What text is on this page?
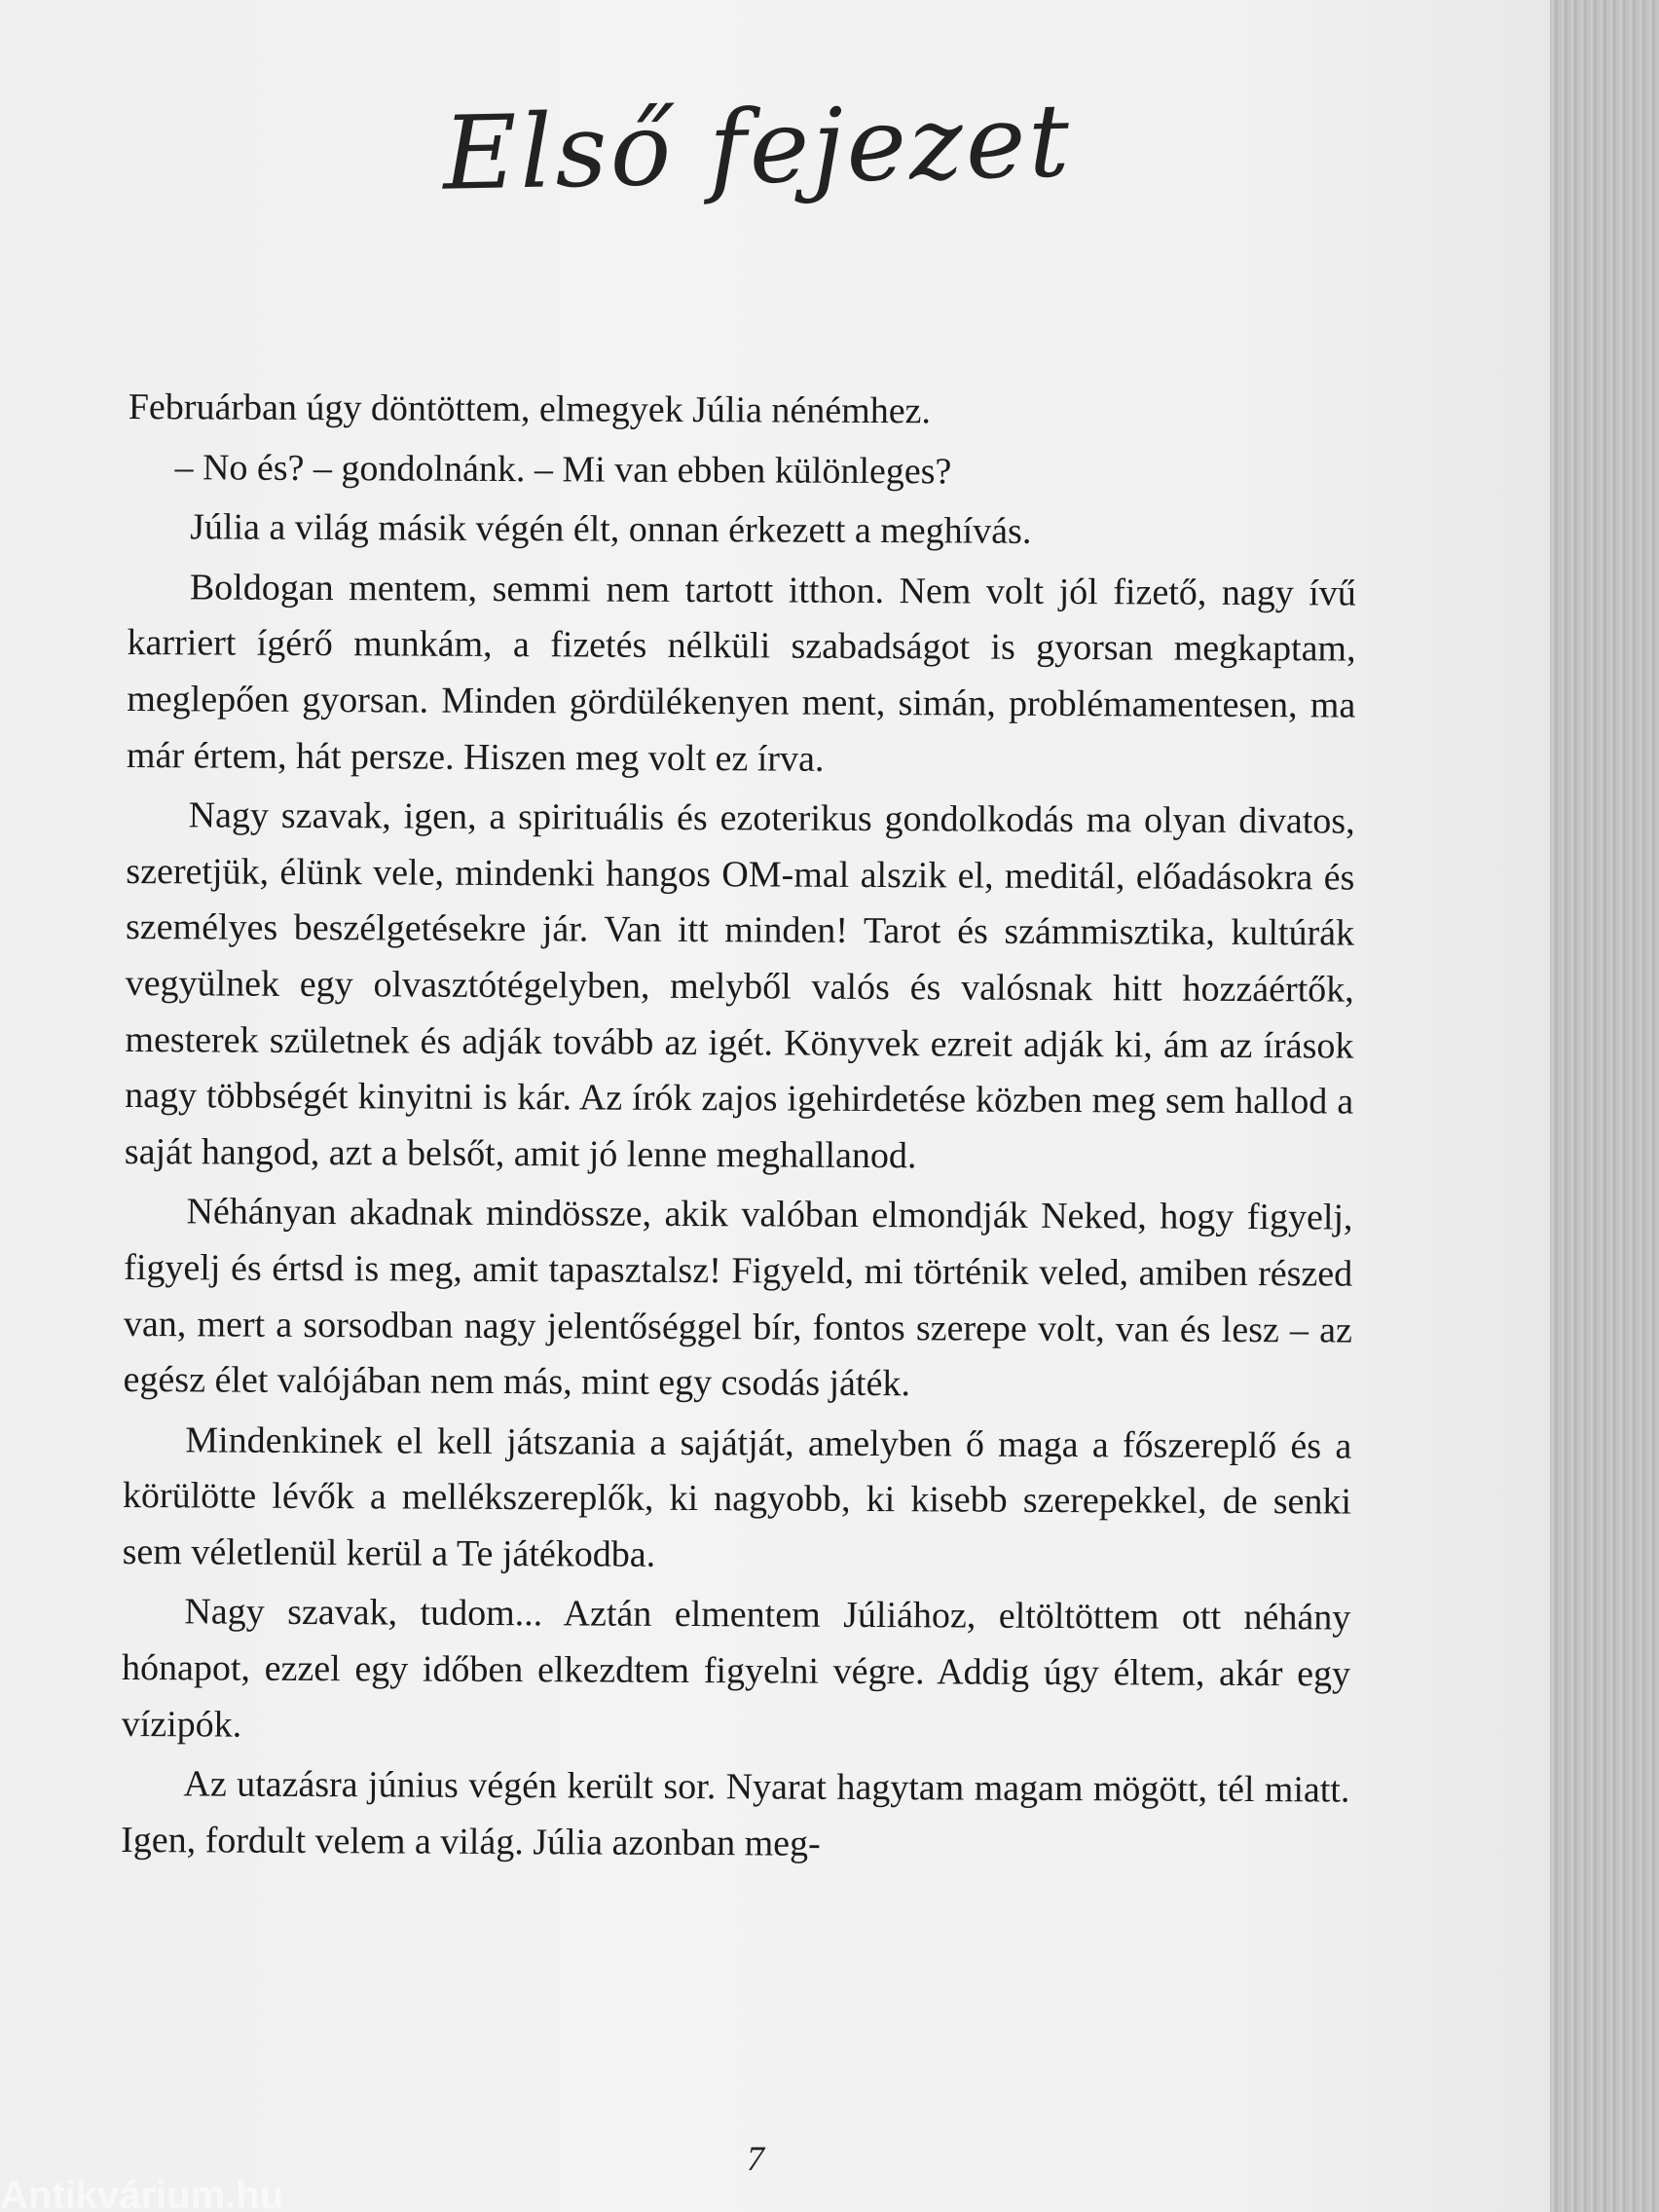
Első fejezet

Februárban úgy döntöttem, elmegyek Júlia nénémhez.

– No és? – gondolnánk. – Mi van ebben különleges?

Júlia a világ másik végén élt, onnan érkezett a meghívás.

Boldogan mentem, semmi nem tartott itthon. Nem volt jól fizető, nagy ívű karriert ígérő munkám, a fizetés nélküli szabadságot is gyorsan megkaptam, meglepően gyorsan. Minden gördülékenyen ment, simán, problémamentesen, ma már értem, hát persze. Hiszen meg volt ez írva.

Nagy szavak, igen, a spirituális és ezoterikus gondolkodás ma olyan divatos, szeretjük, élünk vele, mindenki hangos OM-mal alszik el, meditál, előadásokra és személyes beszélgetésekre jár. Van itt minden! Tarot és számmisztika, kultúrák vegyülnek egy olvasztótégelyben, melyből valós és valósnak hitt hozzáértők, mesterek születnek és adják tovább az igét. Könyvek ezreit adják ki, ám az írások nagy többségét kinyitni is kár. Az írók zajos igehirdetése közben meg sem hallod a saját hangod, azt a belsőt, amit jó lenne meghallanod.

Néhányan akadnak mindössze, akik valóban elmondják Neked, hogy figyelj, figyelj és értsd is meg, amit tapasztalsz! Figyeld, mi történik veled, amiben részed van, mert a sorsodban nagy jelentőséggel bír, fontos szerepe volt, van és lesz – az egész élet valójában nem más, mint egy csodás játék.

Mindenkinek el kell játszania a sajátját, amelyben ő maga a főszereplő és a körülötte lévők a mellékszereplők, ki nagyobb, ki kisebb szerepekkel, de senki sem véletlenül kerül a Te játékodba.

Nagy szavak, tudom... Aztán elmentem Júliához, eltöltöttem ott néhány hónapot, ezzel egy időben elkezdtem figyelni végre. Addig úgy éltem, akár egy vízipók.

Az utazásra június végén került sor. Nyarat hagytam magam mögött, tél miatt. Igen, fordult velem a világ. Júlia azonban meg-

7
Antikvárium.hu
